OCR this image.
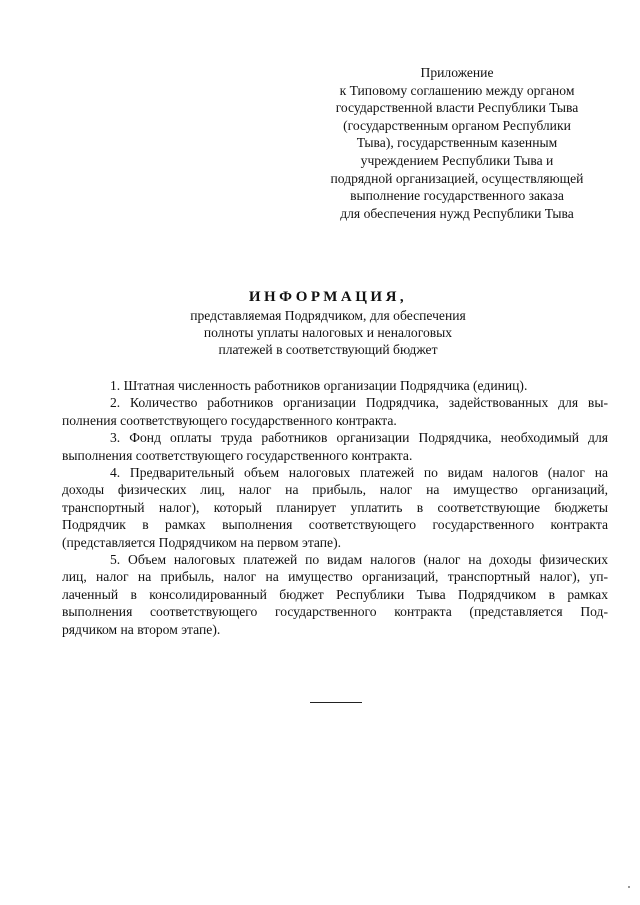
Приложение
к Типовому соглашению между органом
государственной власти Республики Тыва
(государственным органом Республики
Тыва), государственным казенным
учреждением Республики Тыва и
подрядной организацией, осуществляющей
выполнение государственного заказа
для обеспечения нужд Республики Тыва
ИНФОРМАЦИЯ,
представляемая Подрядчиком, для обеспечения
полноты уплаты налоговых и неналоговых
платежей в соответствующий бюджет
1. Штатная численность работников организации Подрядчика (единиц).
2. Количество работников организации Подрядчика, задействованных для вы-
полнения соответствующего государственного контракта.
3. Фонд оплаты труда работников организации Подрядчика, необходимый для
выполнения соответствующего государственного контракта.
4. Предварительный объем налоговых платежей по видам налогов (налог на
доходы физических лиц, налог на прибыль, налог на имущество организаций,
транспортный налог), который планирует уплатить в соответствующие бюджеты
Подрядчик в рамках выполнения соответствующего государственного контракта
(представляется Подрядчиком на первом этапе).
5. Объем налоговых платежей по видам налогов (налог на доходы физических
лиц, налог на прибыль, налог на имущество организаций, транспортный налог), уп-
лаченный в консолидированный бюджет Республики Тыва Подрядчиком в рамках
выполнения соответствующего государственного контракта (представляется Под-
рядчиком на втором этапе).
